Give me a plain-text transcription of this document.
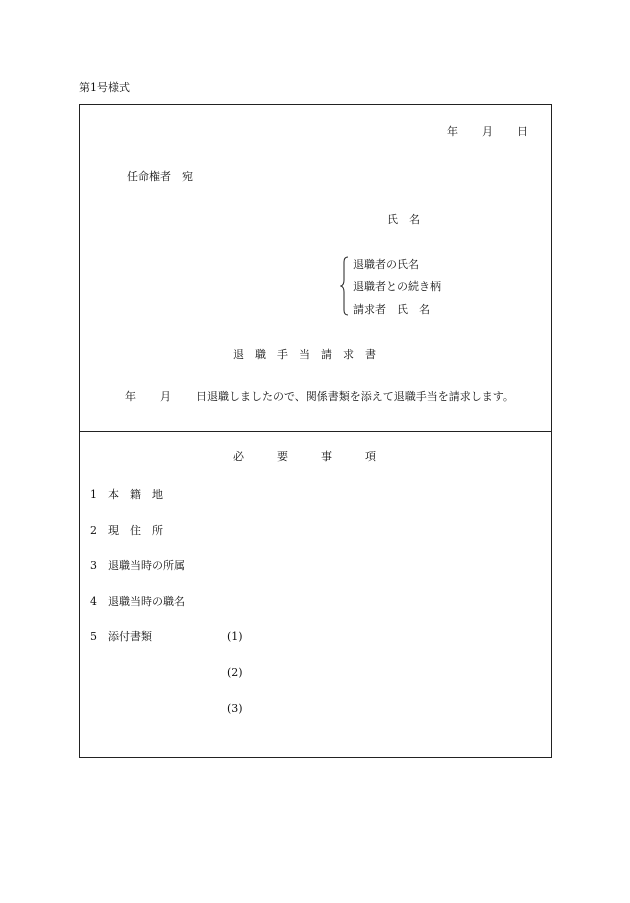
第1号様式
年 月 日
任命権者　宛
氏　名
退職者の氏名
退職者との続き柄
請求者　氏　名
退　職　手　当　請　求　書
年 月 日退職しましたので、関係書類を添えて退職手当を請求します。
必　　　要　　　事　　　項
1 本　籍　地
2 現　住　所
3 退職当時の所属
4 退職当時の職名
5 添付書類	(1)
(2)
(3)
